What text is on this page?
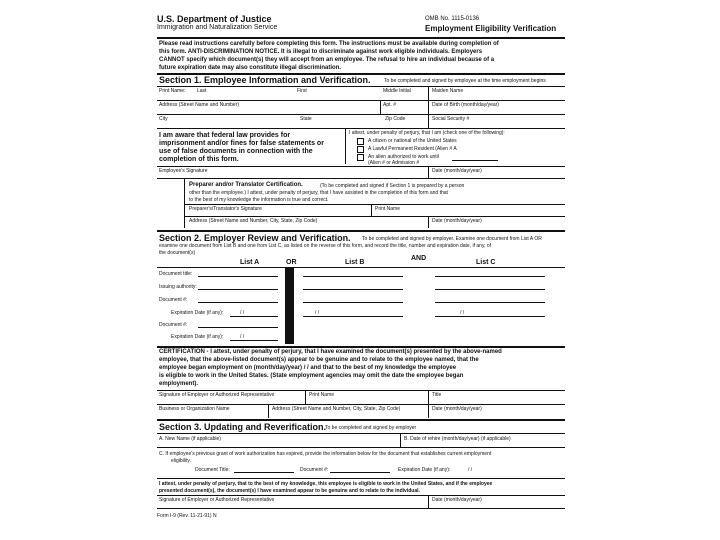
U.S. Department of Justice
Immigration and Naturalization Service
OMB No. 1115-0136
Employment Eligibility Verification
Please read instructions carefully before completing this form. The instructions must be available during completion of
this form. ANTI-DISCRIMINATION NOTICE. It is illegal to discriminate against work eligible individuals. Employers
CANNOT specify which document(s) they will accept from an employee. The refusal to hire an individual because of a
future expiration date may also constitute illegal discrimination.
Section 1. Employee Information and Verification.	To be completed and signed by employee at the time employment begins
Print Name: Last	First	Middle Initial	Maiden Name
Address (Street Name and Number)	Apt. #	Date of Birth (month/day/year)
City	State	Zip Code	Social Security #
I am aware that federal law provides for
imprisonment and/or fines for false statements or
use of false documents in connection with the
completion of this form.
I attest, under penalty of perjury, that I am (check one of the following):
A citizen or national of the United States
A Lawful Permanent Resident (Alien # A
An alien authorized to work until
(Alien # or Admission #
Employee's Signature	Date (month/day/year)
Preparer and/or Translator Certification.	(To be completed and signed if Section 1 is prepared by a person
other than the employee.) I attest, under penalty of perjury, that I have assisted in the completion of this form and that
to the best of my knowledge the information is true and correct.
Preparer's/Translator's Signature	Print Name
Address (Street Name and Number, City, State, Zip Code)	Date (month/day/year)
Section 2. Employer Review and Verification. To be completed and signed by employer. Examine one document from List A OR
examine one document from List B and one from List C, as listed on the reverse of this form, and record the title, number and expiration date, if any, of
the document(s)
List A	OR	List B
AND
List C
Document title:
Issuing authority:
Document #:
Expiration Date (if any):	/ /	/ /	/ /
Document #:
Expiration Date (if any):	/ /
CERTIFICATION - I attest, under penalty of perjury, that I have examined the document(s) presented by the above-named
employee, that the above-listed document(s) appear to be genuine and to relate to the employee named, that the
employee began employment on (month/day/year) / / and that to the best of my knowledge the employee
is eligible to work in the United States. (State employment agencies may omit the date the employee began
employment).
Signature of Employer or Authorized Representative	Print Name	Title
Business or Organization Name	Address (Street Name and Number, City, State, Zip Code)	Date (month/day/year)
Section 3. Updating and Reverification.
To be completed and signed by employer
A. New Name (if applicable)	B. Date of rehire (month/day/year) (if applicable)
C. If employee's previous grant of work authorization has expired, provide the information below for the document that establishes current employment
eligibility.
Document Title:	Document #:	Expiration Date (if any):	/ /
I attest, under penalty of perjury, that to the best of my knowledge, this employee is eligible to work in the United States, and if the employee
presented document(s), the document(s) I have examined appear to be genuine and to relate to the individual.
Signature of Employer or Authorized Representative	Date (month/day/year)
Form I-9 (Rev. 11-21-91) N
